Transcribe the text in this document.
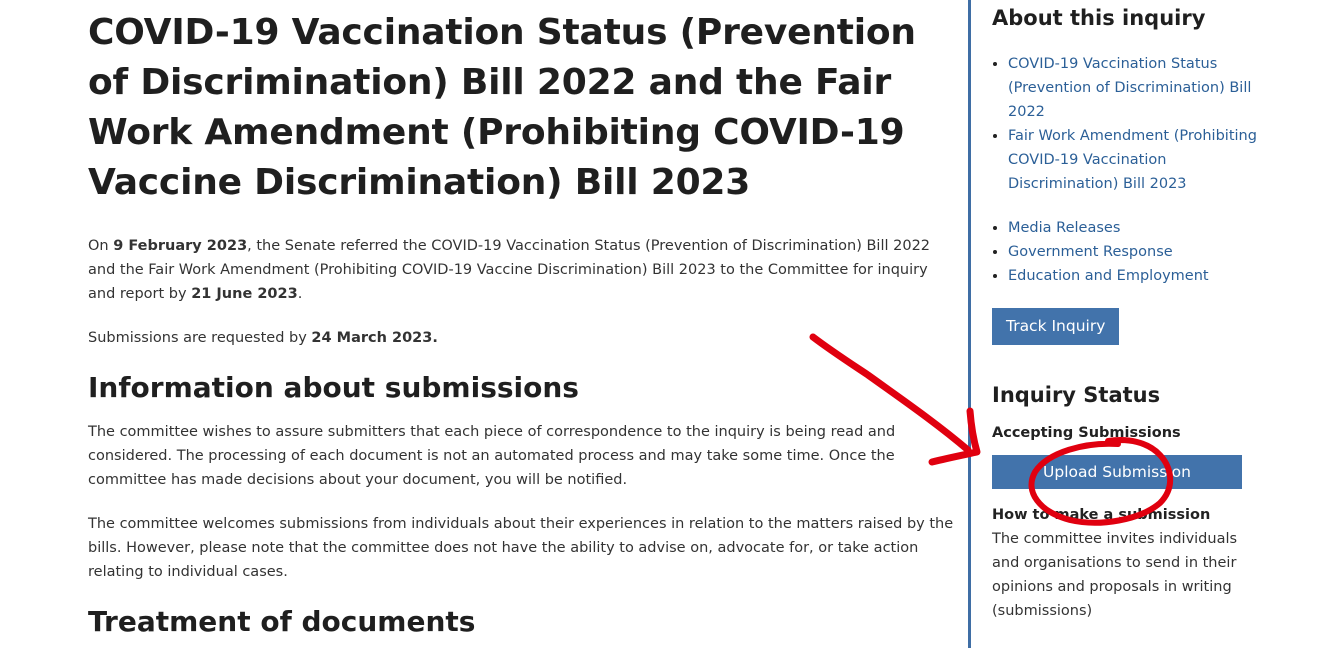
COVID-19 Vaccination Status (Prevention of Discrimination) Bill 2022 and the Fair Work Amendment (Prohibiting COVID-19 Vaccine Discrimination) Bill 2023

On 9 February 2023, the Senate referred the COVID-19 Vaccination Status (Prevention of Discrimination) Bill 2022 and the Fair Work Amendment (Prohibiting COVID-19 Vaccine Discrimination) Bill 2023 to the Committee for inquiry and report by 21 June 2023.

Submissions are requested by 24 March 2023.

Information about submissions

The committee wishes to assure submitters that each piece of correspondence to the inquiry is being read and considered. The processing of each document is not an automated process and may take some time. Once the committee has made decisions about your document, you will be notified.

The committee welcomes submissions from individuals about their experiences in relation to the matters raised by the bills. However, please note that the committee does not have the ability to advise on, advocate for, or take action relating to individual cases.

Treatment of documents
About this inquiry
• COVID-19 Vaccination Status (Prevention of Discrimination) Bill 2022
• Fair Work Amendment (Prohibiting COVID-19 Vaccination Discrimination) Bill 2023
• Media Releases
• Government Response
• Education and Employment
Track Inquiry
Inquiry Status
Accepting Submissions
Upload Submission
How to make a submission

The committee invites individuals and organisations to send in their opinions and proposals in writing (submissions)
